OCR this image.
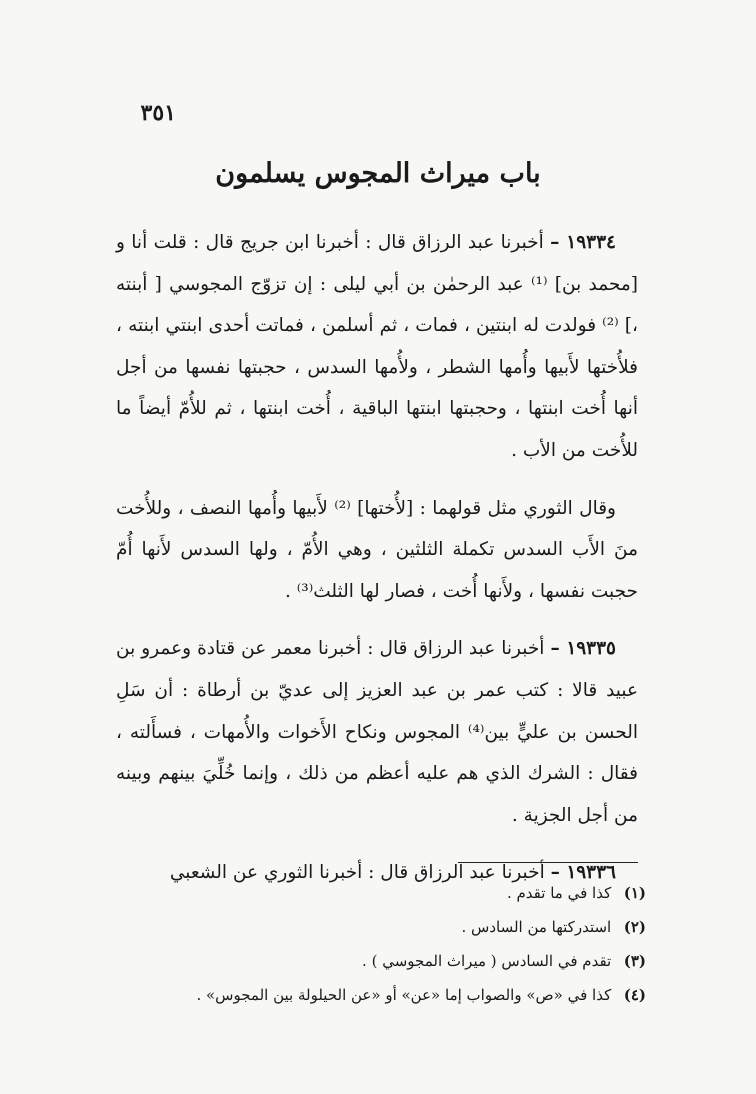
٣٥١
باب ميراث المجوس يسلمون

١٩٣٣٤ – أخبرنا عبد الرزاق قال : أخبرنا ابن جريج قال : قلت أنا و [محمد بن] ⁽¹⁾ عبد الرحمٰن بن أبي ليلى : إن تزوّج المجوسي [ أبنته ،] ⁽²⁾ فولدت له ابنتين ، فمات ، ثم أسلمن ، فماتت أحدى ابنتي ابنته ، فلأُختها لأَبيها وأُمها الشطر ، ولأُمها السدس ، حجبتها نفسها من أجل أنها أُخت ابنتها ، وحجبتها ابنتها الباقية ، أُخت ابنتها ، ثم للأُمّ أيضاً ما للأُخت من الأب .

وقال الثوري مثل قولهما : [لأُختها] ⁽²⁾ لأَبيها وأُمها النصف ، وللأُخت منَ الأَب السدس تكملة الثلثين ، وهي الأُمّ ، ولها السدس لأَنها أُمّ حجبت نفسها ، ولأَنها أُخت ، فصار لها الثلث⁽³⁾ .

١٩٣٣٥ – أخبرنا عبد الرزاق قال : أخبرنا معمر عن قتادة وعمرو بن عبيد قالا : كتب عمر بن عبد العزيز إلى عديّ بن أرطاة : أن سَلِ الحسن بن عليٍّ بين⁽⁴⁾ المجوس ونكاح الأَخوات والأُمهات ، فسأَلته ، فقال : الشرك الذي هم عليه أعظم من ذلك ، وإنما خُلِّيَ بينهم وبينه من أجل الجزية .

١٩٣٣٦ – أخبرنا عبد الرزاق قال : أخبرنا الثوري عن الشعبي

(١) كذا في ما تقدم .
(٢) استدركتها من السادس .
(٣) تقدم في السادس ( ميراث المجوسي ) .
(٤) كذا في «ص» والصواب إما «عن» أو «عن الحيلولة بين المجوس» .
